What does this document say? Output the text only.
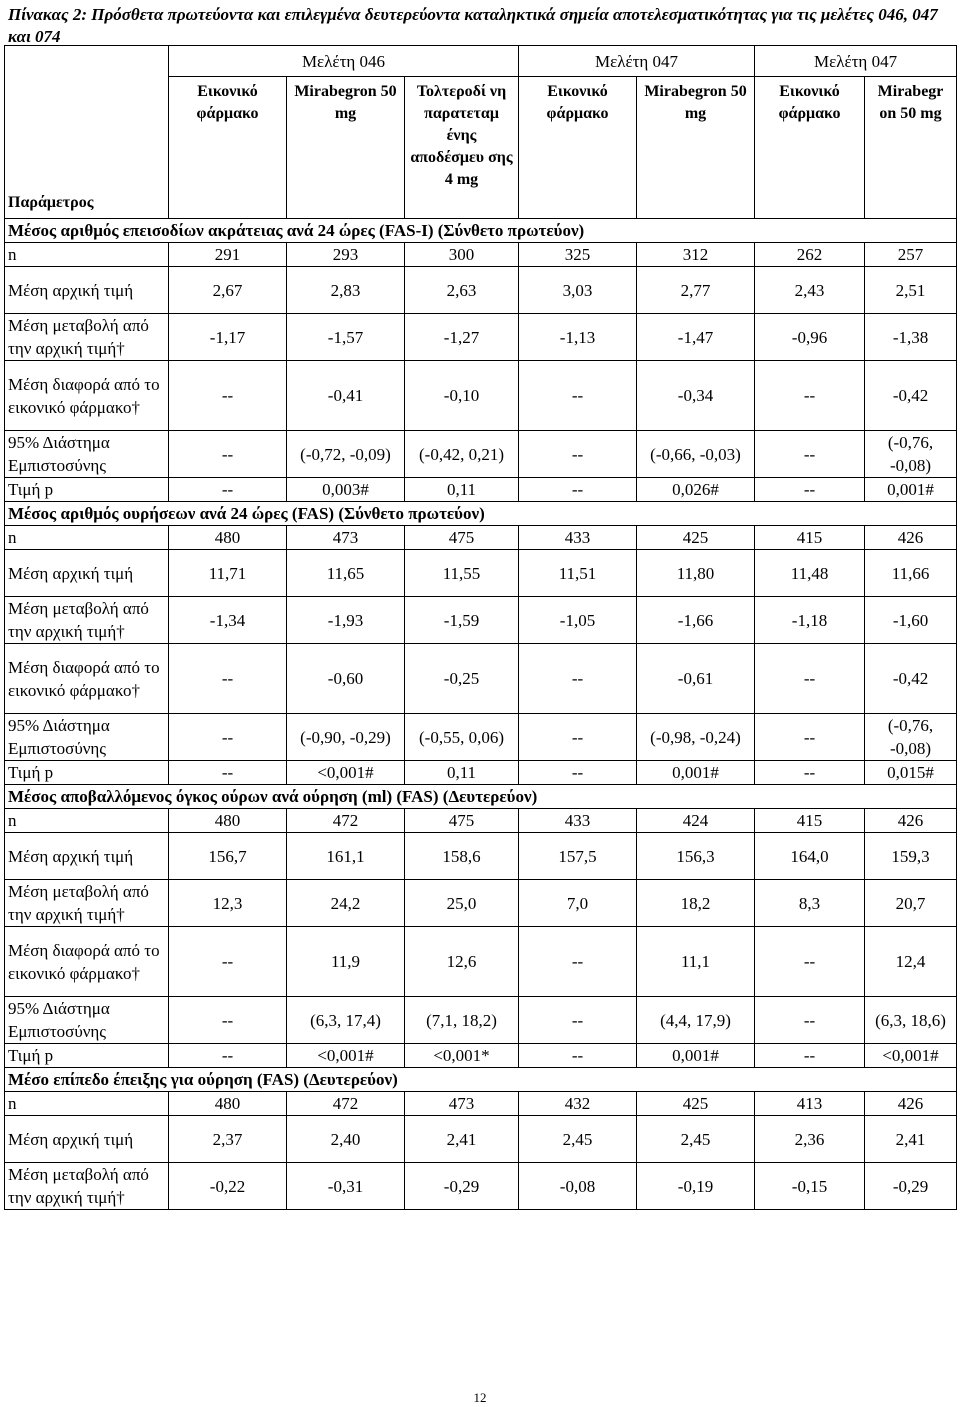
Πίνακας 2: Πρόσθετα πρωτεύοντα και επιλεγμένα δευτερεύοντα καταληκτικά σημεία αποτελεσματικότητας για τις μελέτες 046, 047 και 074
	Μελέτη 046			Μελέτη 047		Μελέτη 047	
Παράμετρος	Εικονικό φάρμακο	Mirabegron 50 mg	Τολτεροδί νη παρατεταμ ένης αποδέσμευ σης 4 mg	Εικονικό φάρμακο	Mirabegron 50 mg	Εικονικό φάρμακο	Mirabegr on 50 mg
Μέσος αριθμός επεισοδίων ακράτειας ανά 24 ώρες (FAS-I) (Σύνθετο πρωτεύον)							
n	291	293	300	325	312	262	257
Μέση αρχική τιμή	2,67	2,83	2,63	3,03	2,77	2,43	2,51
Μέση μεταβολή από την αρχική τιμή†	-1,17	-1,57	-1,27	-1,13	-1,47	-0,96	-1,38
Μέση διαφορά από το εικονικό φάρμακο†	--	-0,41	-0,10	--	-0,34	--	-0,42
95% Διάστημα Εμπιστοσύνης	--	(-0,72, -0,09)	(-0,42, 0,21)	--	(-0,66, -0,03)	--	(-0,76, -0,08)
Τιμή p	--	0,003#	0,11	--	0,026#	--	0,001#
Μέσος αριθμός ουρήσεων ανά 24 ώρες (FAS) (Σύνθετο πρωτεύον)							
n	480	473	475	433	425	415	426
Μέση αρχική τιμή	11,71	11,65	11,55	11,51	11,80	11,48	11,66
Μέση μεταβολή από την αρχική τιμή†	-1,34	-1,93	-1,59	-1,05	-1,66	-1,18	-1,60
Μέση διαφορά από το εικονικό φάρμακο†	--	-0,60	-0,25	--	-0,61	--	-0,42
95% Διάστημα Εμπιστοσύνης	--	(-0,90, -0,29)	(-0,55, 0,06)	--	(-0,98, -0,24)	--	(-0,76, -0,08)
Τιμή p	--	<0,001#	0,11	--	0,001#	--	0,015#
Μέσος αποβαλλόμενος όγκος ούρων ανά ούρηση (ml) (FAS) (Δευτερεύον)							
n	480	472	475	433	424	415	426
Μέση αρχική τιμή	156,7	161,1	158,6	157,5	156,3	164,0	159,3
Μέση μεταβολή από την αρχική τιμή†	12,3	24,2	25,0	7,0	18,2	8,3	20,7
Μέση διαφορά από το εικονικό φάρμακο†	--	11,9	12,6	--	11,1	--	12,4
95% Διάστημα Εμπιστοσύνης	--	(6,3, 17,4)	(7,1, 18,2)	--	(4,4, 17,9)	--	(6,3, 18,6)
Τιμή p	--	<0,001#	<0,001*	--	0,001#	--	<0,001#
Μέσο επίπεδο έπειξης για ούρηση (FAS) (Δευτερεύον)							
n	480	472	473	432	425	413	426
Μέση αρχική τιμή	2,37	2,40	2,41	2,45	2,45	2,36	2,41
Μέση μεταβολή από την αρχική τιμή†	-0,22	-0,31	-0,29	-0,08	-0,19	-0,15	-0,29
12
